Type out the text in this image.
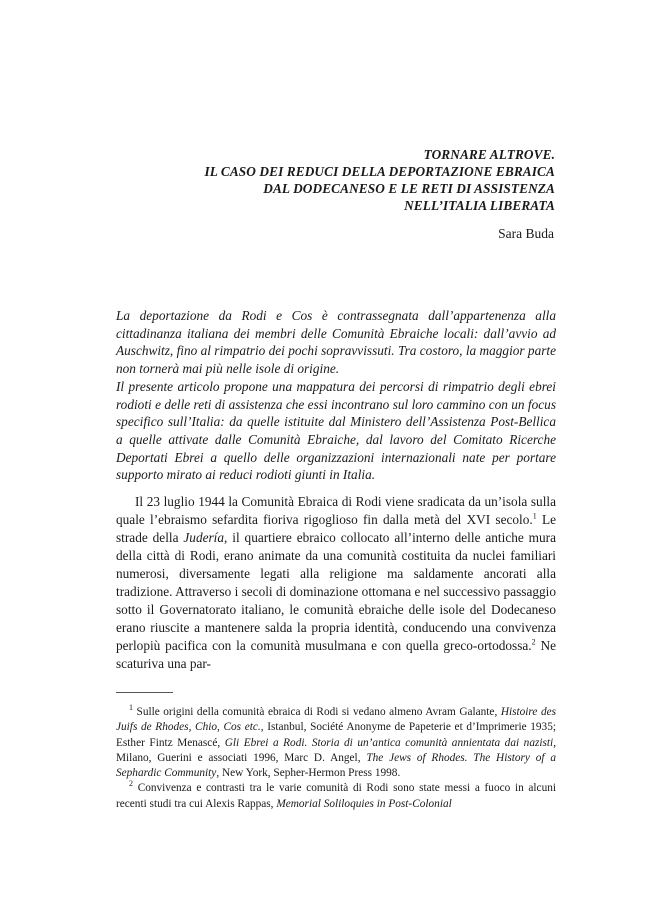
TORNARE ALTROVE.
IL CASO DEI REDUCI DELLA DEPORTAZIONE EBRAICA
DAL DODECANESO E LE RETI DI ASSISTENZA
NELL’ITALIA LIBERATA
Sara Buda

La deportazione da Rodi e Cos è contrassegnata dall’appartenenza alla cittadinanza italiana dei membri delle Comunità Ebraiche locali: dall’avvio ad Auschwitz, fino al rimpatrio dei pochi sopravvissuti. Tra costoro, la maggior parte non tornerà mai più nelle isole di origine.

Il presente articolo propone una mappatura dei percorsi di rimpatrio degli ebrei rodioti e delle reti di assistenza che essi incontrano sul loro cammino con un focus specifico sull’Italia: da quelle istituite dal Ministero dell’Assistenza Post-Bellica a quelle attivate dalle Comunità Ebraiche, dal lavoro del Comitato Ricerche Deportati Ebrei a quello delle organizzazioni internazionali nate per portare supporto mirato ai reduci rodioti giunti in Italia.

Il 23 luglio 1944 la Comunità Ebraica di Rodi viene sradicata da un’isola sulla quale l’ebraismo sefardita fioriva rigoglioso fin dalla metà del XVI secolo.$^1$ Le strade della Judería, il quartiere ebraico collocato all’interno delle antiche mura della città di Rodi, erano animate da una comunità costituita da nuclei familiari numerosi, diversamente legati alla religione ma saldamente ancorati alla tradizione. Attraverso i secoli di dominazione ottomana e nel successivo passaggio sotto il Governatorato italiano, le comunità ebraiche delle isole del Dodecaneso erano riuscite a mantenere salda la propria identità, conducendo una convivenza perlopiù pacifica con la comunità musulmana e con quella greco-ortodossa.$^2$ Ne scaturiva una par-

$^1$ Sulle origini della comunità ebraica di Rodi si vedano almeno Avram Galante, Histoire des Juifs de Rhodes, Chio, Cos etc., Istanbul, Société Anonyme de Papeterie et d’Imprimerie 1935; Esther Fintz Menascé, Gli Ebrei a Rodi. Storia di un’antica comunità annientata dai nazisti, Milano, Guerini e associati 1996, Marc D. Angel, The Jews of Rhodes. The History of a Sephardic Community, New York, Sepher-Hermon Press 1998.

$^2$ Convivenza e contrasti tra le varie comunità di Rodi sono state messi a fuoco in alcuni recenti studi tra cui Alexis Rappas, Memorial Soliloquies in Post-Colonial
